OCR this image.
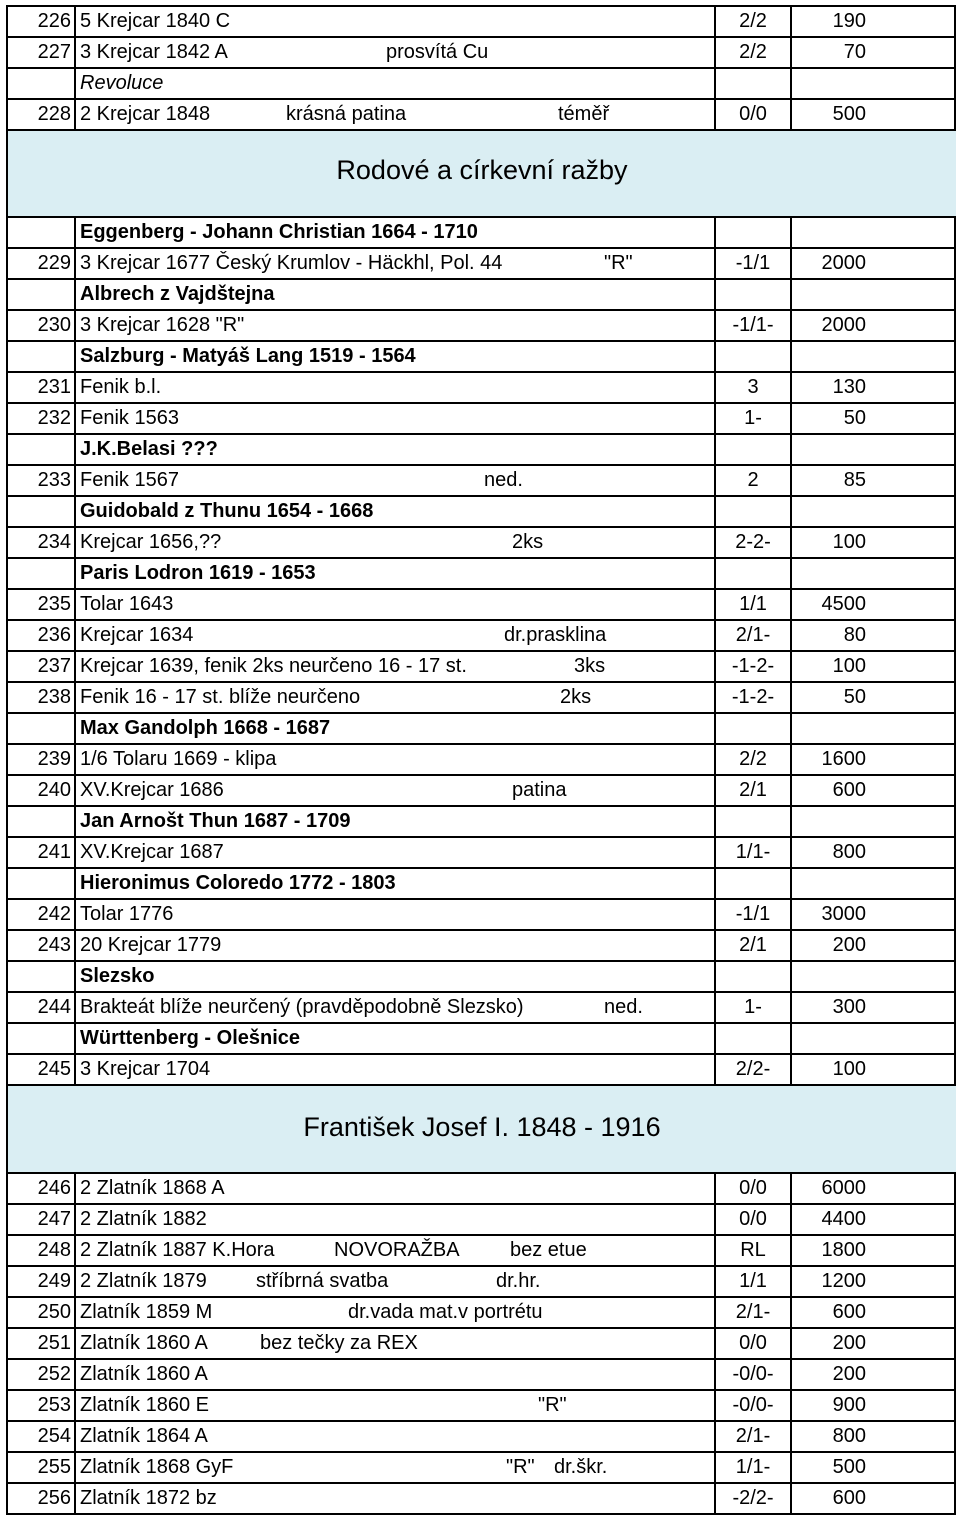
226 5 Krejcar 1840 C	2/2	190
227 3 Krejcar 1842 A	prosvítá Cu	2/2	70
Revoluce
228 2 Krejcar 1848	krásná patina	téměř	0/0	500
Rodové a církevní ražby
Eggenberg - Johann Christian 1664 - 1710
229 3 Krejcar 1677 Český Krumlov - Häckhl, Pol. 44	"R"	-1/1	2000
Albrech z Vajdštejna
230 3 Krejcar 1628 "R"	-1/1-	2000
Salzburg - Matyáš Lang 1519 - 1564
231 Fenik b.l.	3	130
232 Fenik 1563	1-	50
J.K.Belasi ???
233 Fenik 1567	ned.	2	85
Guidobald z Thunu 1654 - 1668
234 Krejcar 1656,??	2ks	2-2-	100
Paris Lodron 1619 - 1653
235 Tolar 1643	1/1	4500
236 Krejcar 1634	dr.prasklina	2/1-	80
237 Krejcar 1639, fenik 2ks neurčeno 16 - 17 st.	3ks	-1-2-	100
238 Fenik 16 - 17 st. blíže neurčeno	2ks	-1-2-	50
Max Gandolph 1668 - 1687
239 1/6 Tolaru 1669 - klipa	2/2	1600
240 XV.Krejcar 1686	patina	2/1	600
Jan Arnošt Thun 1687 - 1709
241 XV.Krejcar 1687	1/1-	800
Hieronimus Coloredo 1772 - 1803
242 Tolar 1776	-1/1	3000
243 20 Krejcar 1779	2/1	200
Slezsko
244 Brakteát blíže neurčený (pravděpodobně Slezsko)	ned.	1-	300
Württenberg - Olešnice
245 3 Krejcar 1704	2/2-	100
František Josef I. 1848 - 1916
246 2 Zlatník 1868 A	0/0	6000
247 2 Zlatník 1882	0/0	4400
248 2 Zlatník 1887 K.Hora	NOVORAŽBA	bez etue	RL	1800
249 2 Zlatník 1879 stříbrná svatba	dr.hr.	1/1	1200
250 Zlatník 1859 M	dr.vada mat.v portrétu	2/1-	600
251 Zlatník 1860 A	bez tečky za REX	0/0	200
252 Zlatník 1860 A	-0/0-	200
253 Zlatník 1860 E	"R"	-0/0-	900
254 Zlatník 1864 A	2/1-	800
255 Zlatník 1868 GyF	"R" dr.škr.	1/1-	500
256 Zlatník 1872 bz	-2/2-	600
